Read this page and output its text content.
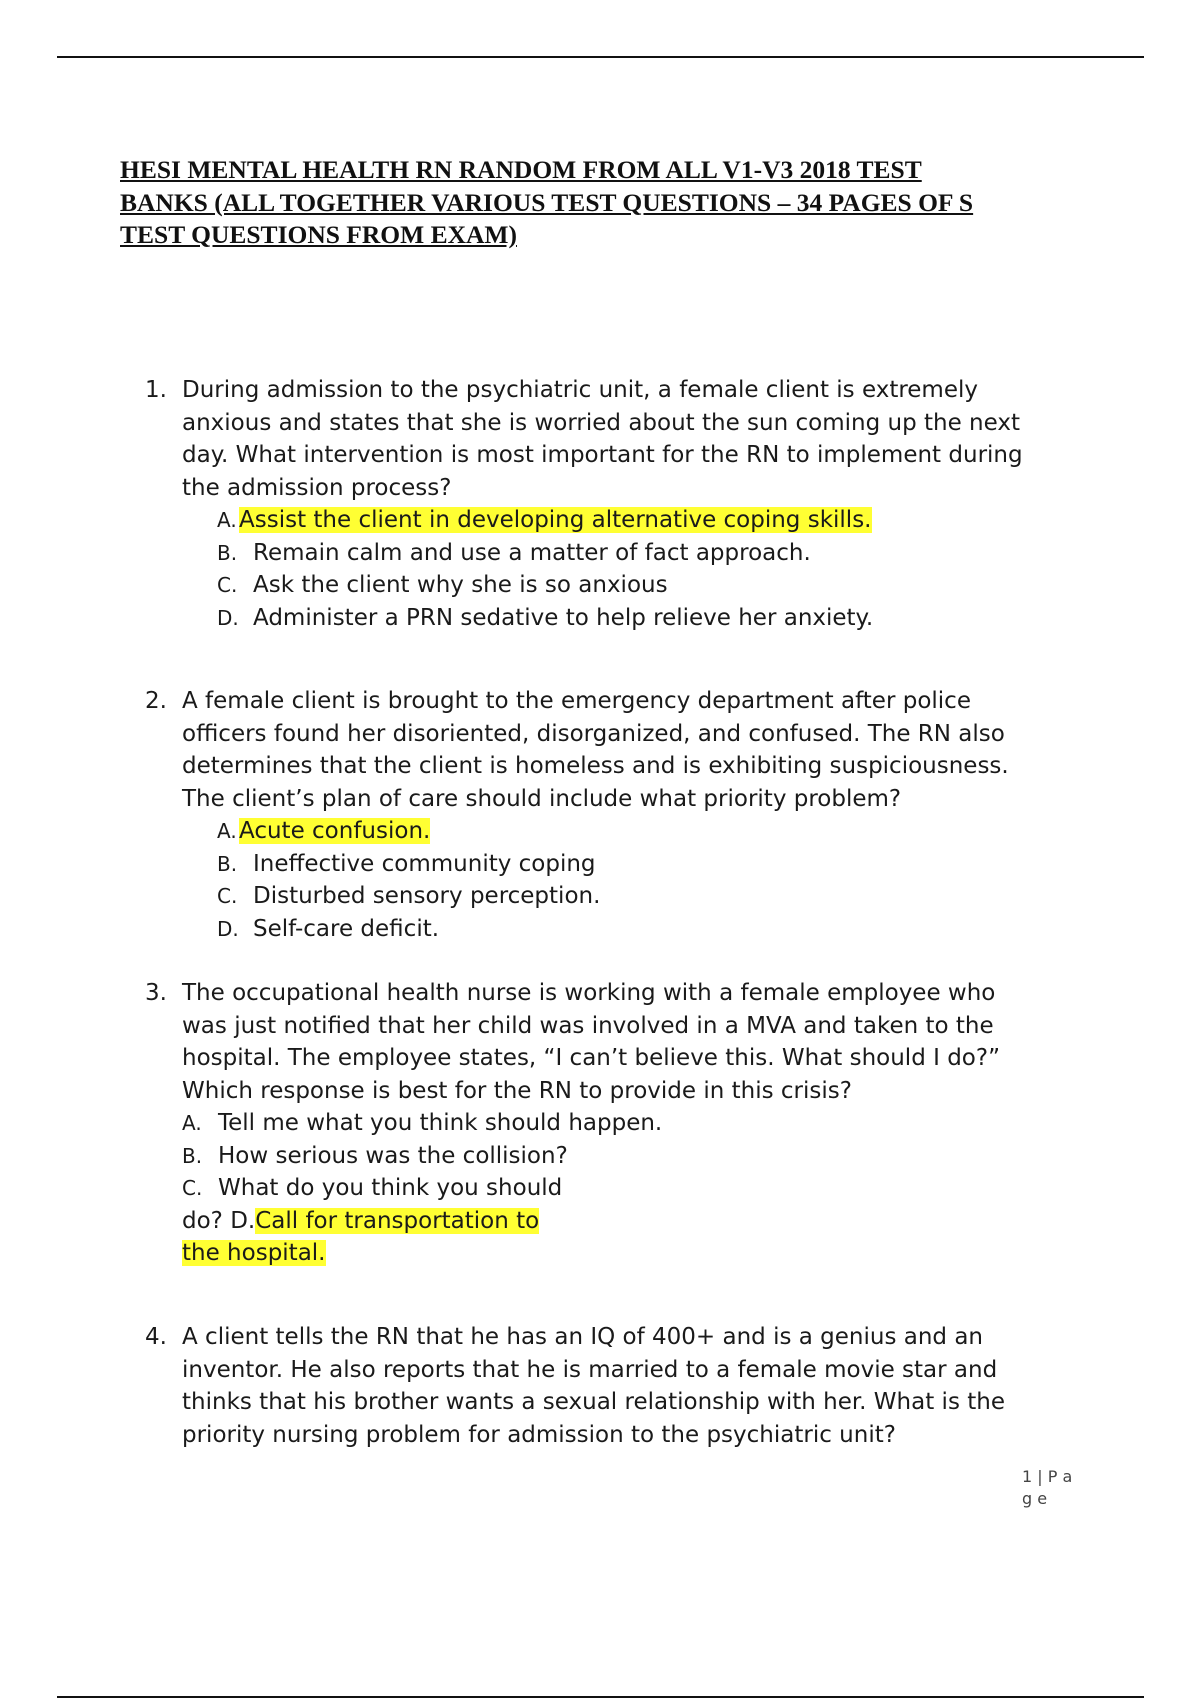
HESI MENTAL HEALTH RN RANDOM FROM ALL V1-V3 2018 TEST
BANKS (ALL TOGETHER VARIOUS TEST QUESTIONS – 34 PAGES OF S
TEST QUESTIONS FROM EXAM)
1. During admission to the psychiatric unit, a female client is extremely
anxious and states that she is worried about the sun coming up the next
day. What intervention is most important for the RN to implement during
the admission process?
A. Assist the client in developing alternative coping skills.
B. Remain calm and use a matter of fact approach.
C. Ask the client why she is so anxious
D. Administer a PRN sedative to help relieve her anxiety.
2. A female client is brought to the emergency department after police
officers found her disoriented, disorganized, and confused. The RN also
determines that the client is homeless and is exhibiting suspiciousness.
The client’s plan of care should include what priority problem?
A. Acute confusion.
B. Ineffective community coping
C. Disturbed sensory perception.
D. Self-care deficit.
3. The occupational health nurse is working with a female employee who
was just notified that her child was involved in a MVA and taken to the
hospital. The employee states, “I can’t believe this. What should I do?”
Which response is best for the RN to provide in this crisis?
A. Tell me what you think should happen.
B. How serious was the collision?
C. What do you think you should
do? D.Call for transportation to
the hospital.
4. A client tells the RN that he has an IQ of 400+ and is a genius and an
inventor. He also reports that he is married to a female movie star and
thinks that his brother wants a sexual relationship with her. What is the
priority nursing problem for admission to the psychiatric unit?
1 | P a g e
